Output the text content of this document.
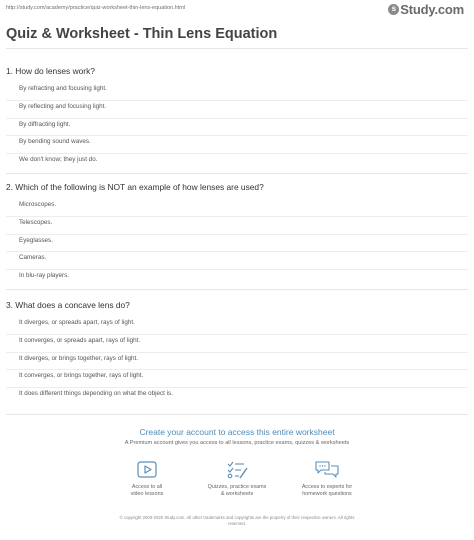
http://study.com/academy/practice/quiz-worksheet-thin-lens-equation.html	s Study.com
Quiz & Worksheet - Thin Lens Equation

1. How do lenses work?

By refracting and focusing light.
By reflecting and focusing light.
By diffracting light.
By bending sound waves.
We don't know; they just do.

2. Which of the following is NOT an example of how lenses are used?

Microscopes.
Telescopes.
Eyeglasses.
Cameras.
In blu-ray players.

3. What does a concave lens do?

It diverges, or spreads apart, rays of light.
It converges, or spreads apart, rays of light.
It diverges, or brings together, rays of light.
It converges, or brings together, rays of light.
It does different things depending on what the object is.

Create your account to access this entire worksheet

A Premium account gives you access to all lessons, practice exams, quizzes & worksheets
Access to all
video lessons
Quizzes, practice exams
& worksheets
Access to experts for
homework questions
© copyright 2003-2020 Study.com. All other trademarks and copyrights are the property of their respective owners. All rights
reserved.
